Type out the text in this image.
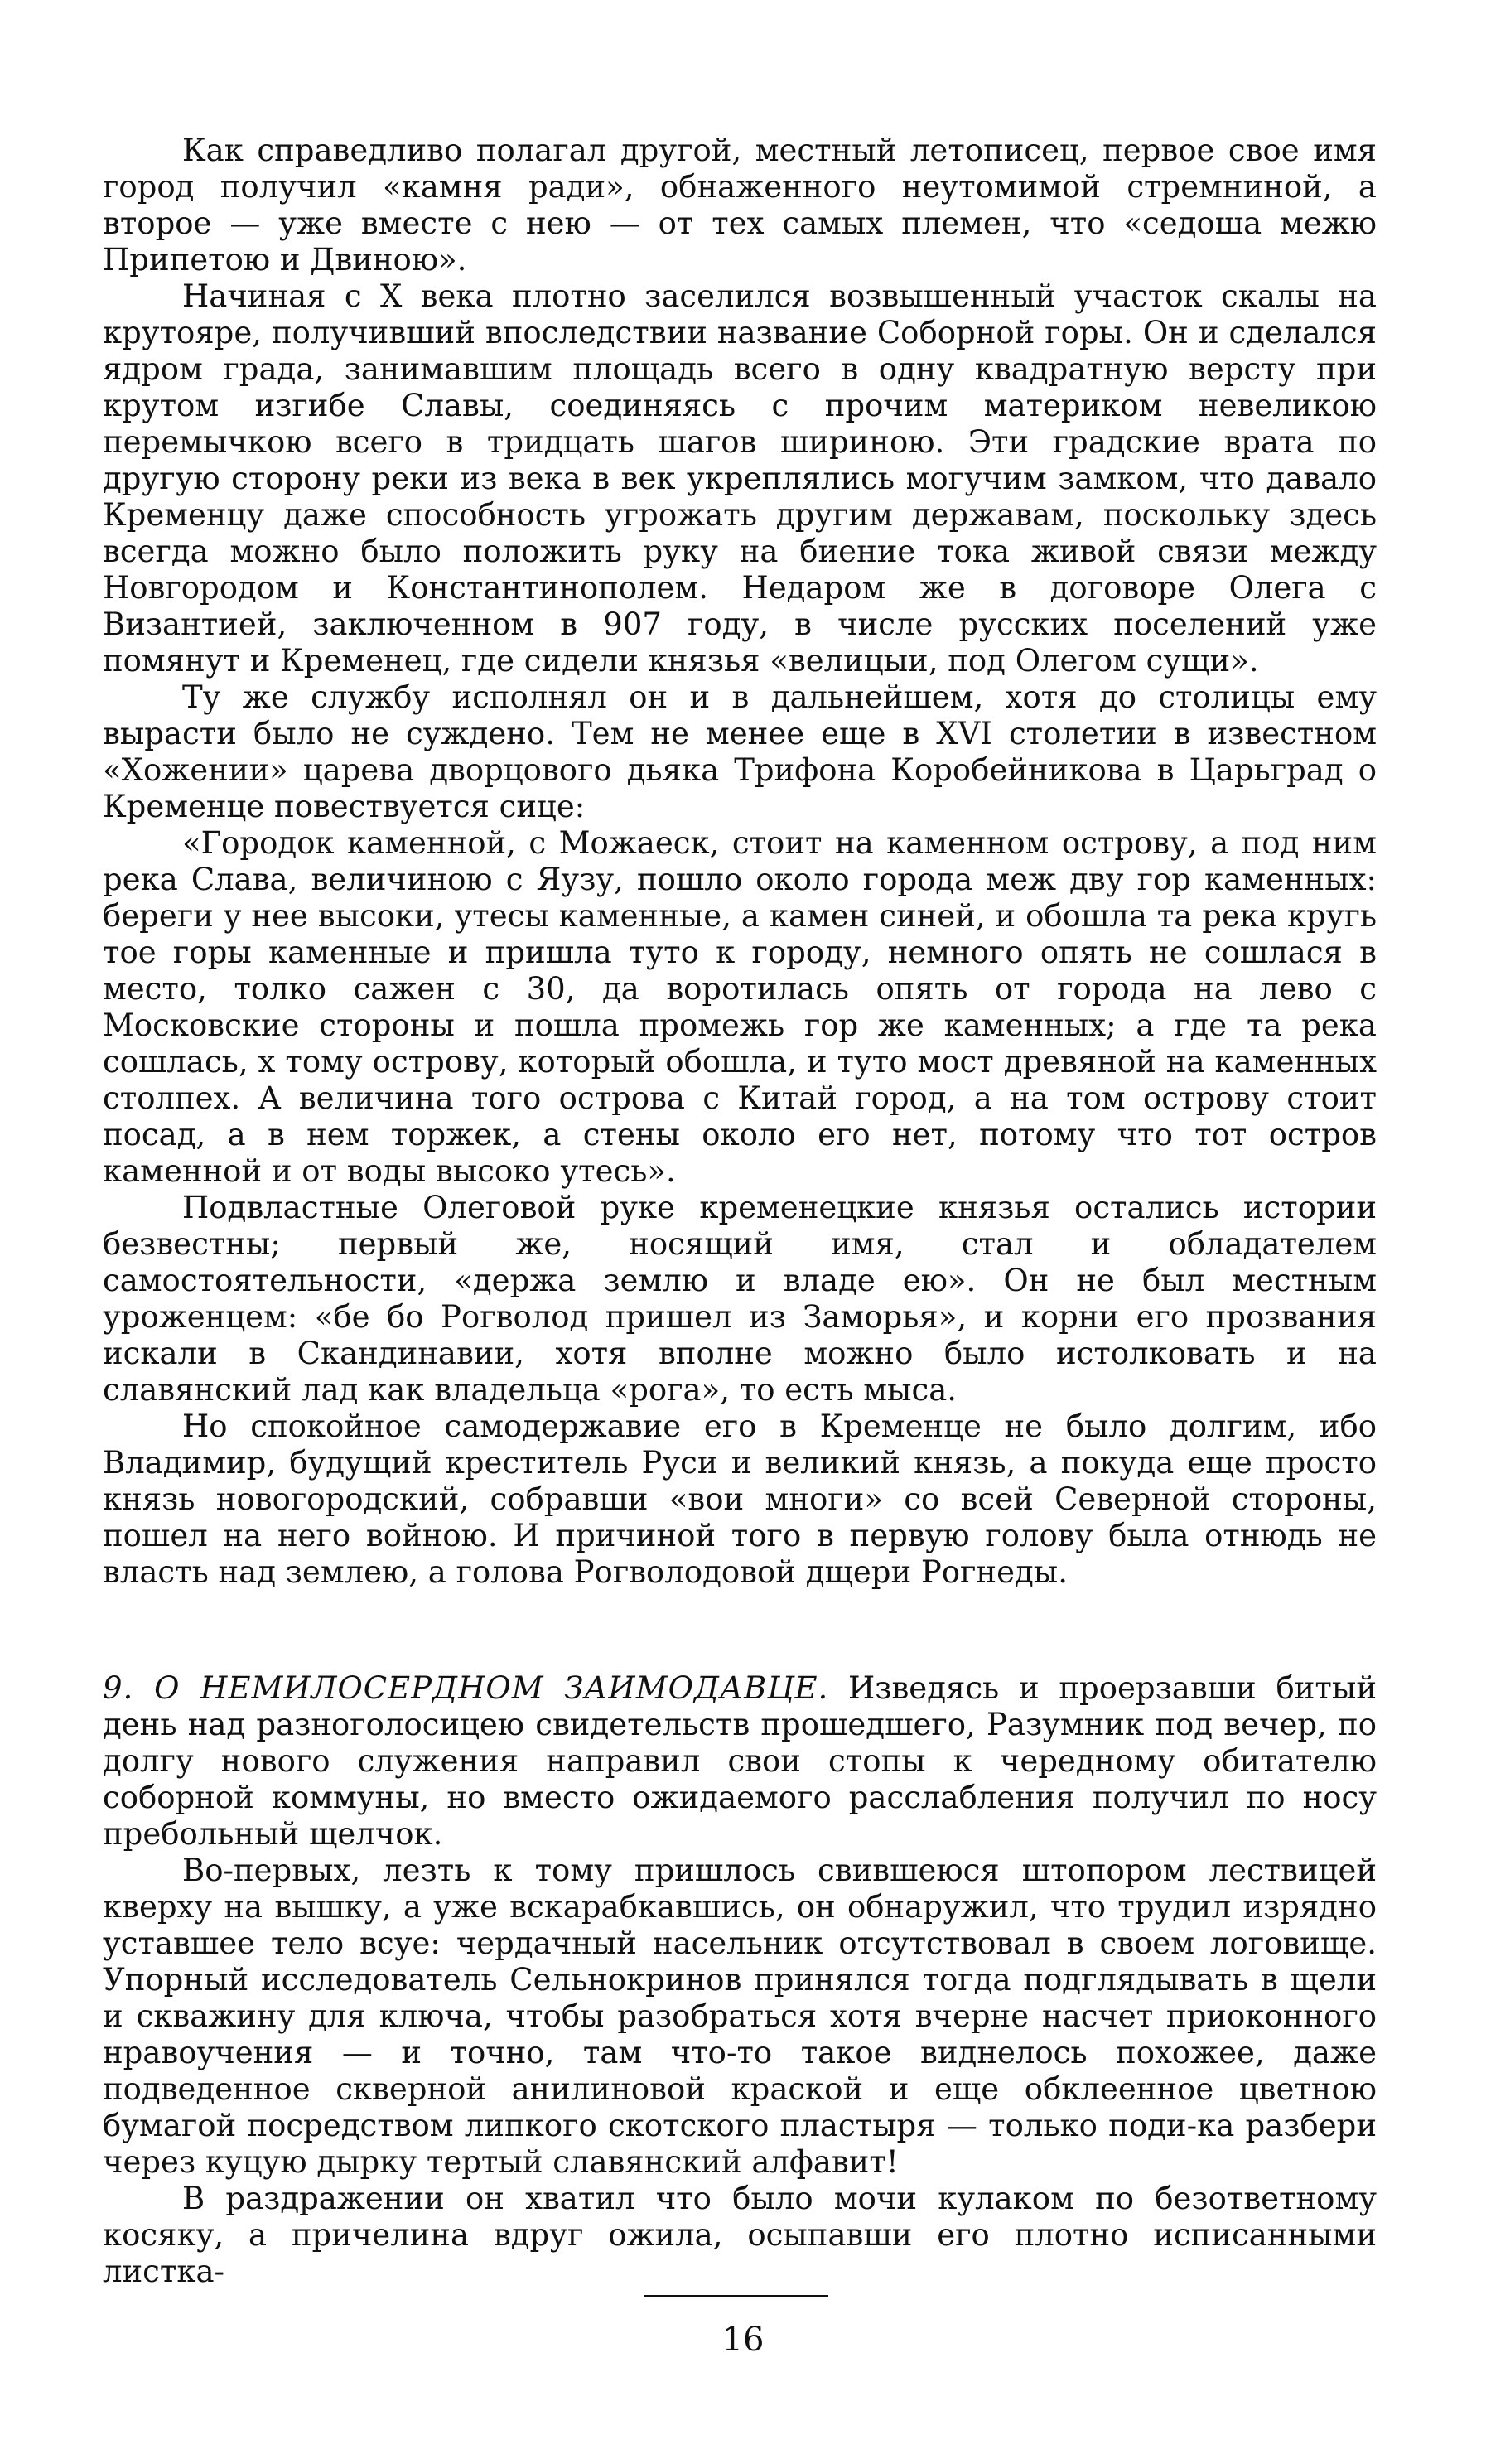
Как справедливо полагал другой, местный летописец, первое свое имя город получил «камня ради», обнаженного неутомимой стремниной, а второе — уже вместе с нею — от тех самых племен, что «седоша межю Припетою и Двиною».

Начиная с X века плотно заселился возвышенный участок скалы на крутояре, получивший впоследствии название Соборной горы. Он и сделался ядром града, занимавшим площадь всего в одну квадратную версту при крутом изгибе Славы, соединяясь с прочим материком невеликою перемычкою всего в тридцать шагов шириною. Эти градские врата по другую сторону реки из века в век укреплялись могучим замком, что давало Кременцу даже способность угрожать другим державам, поскольку здесь всегда можно было положить руку на биение тока живой связи между Новгородом и Константинополем. Недаром же в договоре Олега с Византией, заключенном в 907 году, в числе русских поселений уже помянут и Кременец, где сидели князья «велицыи, под Олегом сущи».

Ту же службу исполнял он и в дальнейшем, хотя до столицы ему вырасти было не суждено. Тем не менее еще в XVI столетии в известном «Хожении» царева дворцового дьяка Трифона Коробейникова в Царьград о Кременце повествуется сице:

«Городок каменной, с Можаеск, стоит на каменном острову, а под ним река Слава, величиною с Яузу, пошло около города меж дву гор каменных: береги у нее высоки, утесы каменные, а камен синей, и обошла та река кругь тое горы каменные и пришла туто к городу, немного опять не сошлася в место, толко сажен с 30, да воротилась опять от города на лево с Московские стороны и пошла промежь гор же каменных; а где та река сошлась, х тому острову, который обошла, и туто мост древяной на каменных столпех. А величина того острова с Китай город, а на том острову стоит посад, а в нем торжек, а стены около его нет, потому что тот остров каменной и от воды высоко утесь».

Подвластные Олеговой руке кременецкие князья остались истории безвестны; первый же, носящий имя, стал и обладателем самостоятельности, «держа землю и владе ею». Он не был местным уроженцем: «бе бо Рогволод пришел из Заморья», и корни его прозвания искали в Скандинавии, хотя вполне можно было истолковать и на славянский лад как владельца «рога», то есть мыса.

Но спокойное самодержавие его в Кременце не было долгим, ибо Владимир, будущий креститель Руси и великий князь, а покуда еще просто князь новогородский, собравши «вои многи» со всей Северной стороны, пошел на него войною. И причиной того в первую голову была отнюдь не власть над землею, а голова Рогволодовой дщери Рогнеды.

9. О НЕМИЛОСЕРДНОМ ЗАИМОДАВЦЕ. Изведясь и проерзавши битый день над разноголосицею свидетельств прошедшего, Разумник под вечер, по долгу нового служения направил свои стопы к чередному обитателю соборной коммуны, но вместо ожидаемого расслабления получил по носу пребольный щелчок.

Во-первых, лезть к тому пришлось свившеюся штопором лествицей кверху на вышку, а уже вскарабкавшись, он обнаружил, что трудил изрядно уставшее тело всуе: чердачный насельник отсутствовал в своем логовище. Упорный исследователь Сельнокринов принялся тогда подглядывать в щели и скважину для ключа, чтобы разобраться хотя вчерне насчет приоконного нравоучения — и точно, там что-то такое виднелось похожее, даже подведенное скверной анилиновой краской и еще обклеенное цветною бумагой посредством липкого скотского пластыря — только поди-ка разбери через куцую дырку тертый славянский алфавит!

В раздражении он хватил что было мочи кулаком по безответному косяку, а причелина вдруг ожила, осыпавши его плотно исписанными листка-

16
